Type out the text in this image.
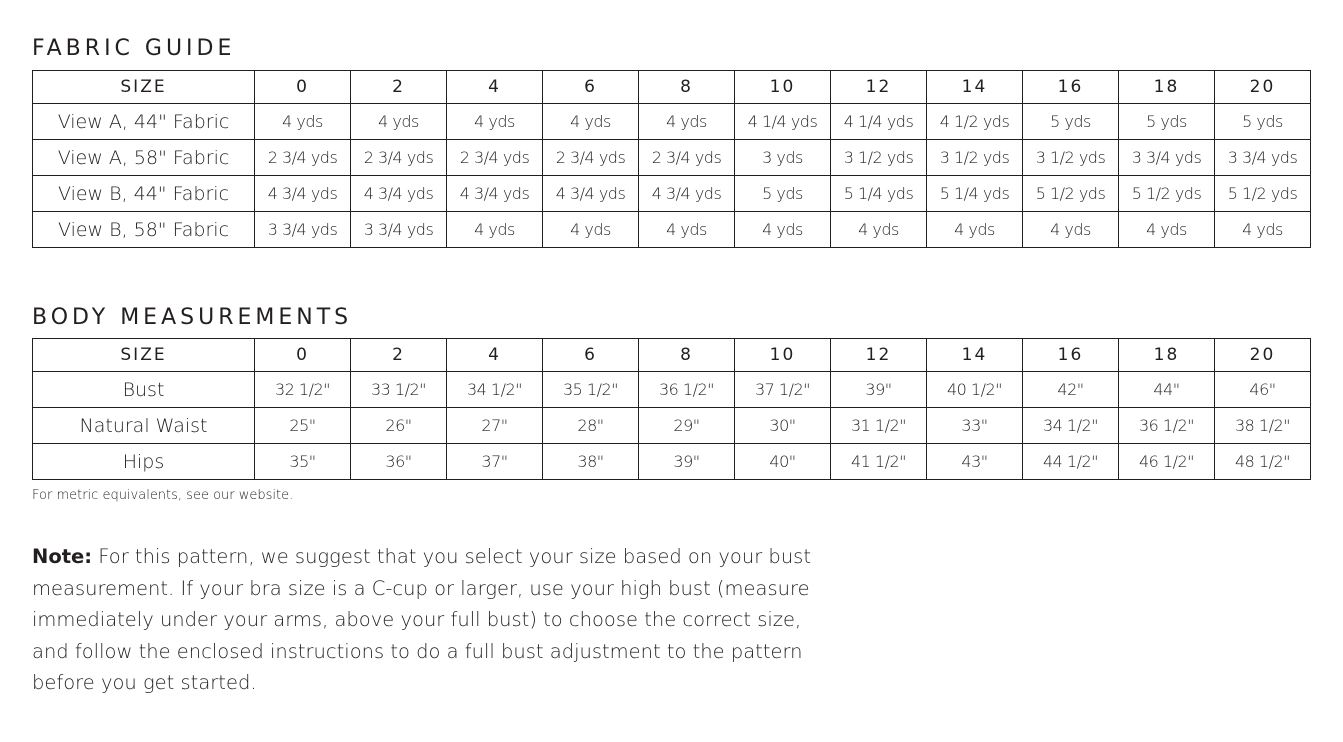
FABRIC GUIDE
SIZE	0	2	4	6	8	10	12	14	16	18	20
View A, 44" Fabric	4 yds	4 yds	4 yds	4 yds	4 yds	4 1/4 yds	4 1/4 yds	4 1/2 yds	5 yds	5 yds	5 yds
View A, 58" Fabric	2 3/4 yds	2 3/4 yds	2 3/4 yds	2 3/4 yds	2 3/4 yds	3 yds	3 1/2 yds	3 1/2 yds	3 1/2 yds	3 3/4 yds	3 3/4 yds
View B, 44" Fabric	4 3/4 yds	4 3/4 yds	4 3/4 yds	4 3/4 yds	4 3/4 yds	5 yds	5 1/4 yds	5 1/4 yds	5 1/2 yds	5 1/2 yds	5 1/2 yds
View B, 58" Fabric	3 3/4 yds	3 3/4 yds	4 yds	4 yds	4 yds	4 yds	4 yds	4 yds	4 yds	4 yds	4 yds
BODY MEASUREMENTS
SIZE	0	2	4	6	8	10	12	14	16	18	20
Bust	32 1/2"	33 1/2"	34 1/2"	35 1/2"	36 1/2"	37 1/2"	39"	40 1/2"	42"	44"	46"
Natural Waist	25"	26"	27"	28"	29"	30"	31 1/2"	33"	34 1/2"	36 1/2"	38 1/2"
Hips	35"	36"	37"	38"	39"	40"	41 1/2"	43"	44 1/2"	46 1/2"	48 1/2"

For metric equivalents, see our website.

Note: For this pattern, we suggest that you select your size based on your bust measurement. If your bra size is a C-cup or larger, use your high bust (measure immediately under your arms, above your full bust) to choose the correct size, and follow the enclosed instructions to do a full bust adjustment to the pattern before you get started.
